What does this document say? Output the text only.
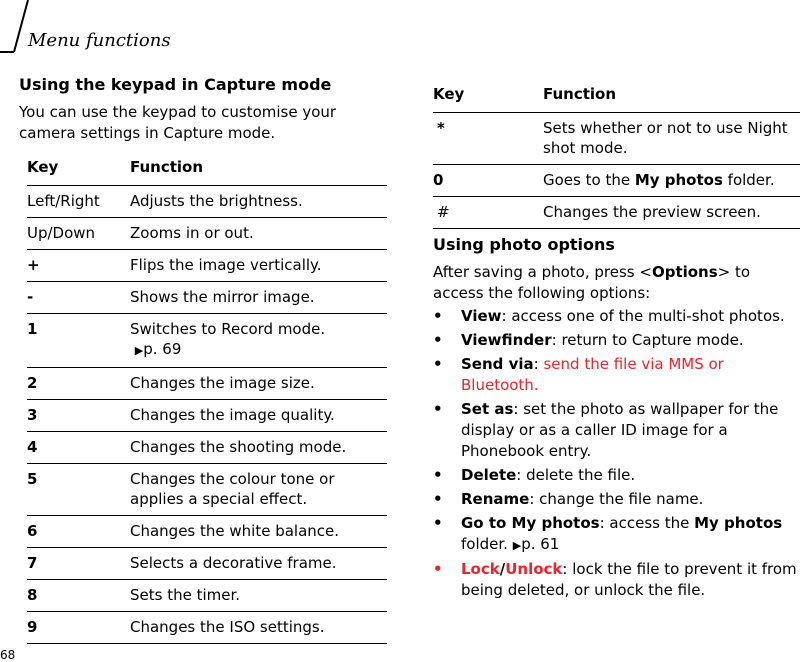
Menu functions
Using the keypad in Capture mode
You can use the keypad to customise your camera settings in Capture mode.
Key	Function
Left/Right	Adjusts the brightness.
Up/Down	Zooms in or out.
+	Flips the image vertically.
-	Shows the mirror image.
1	Switches to Record mode.
▶p. 69
2	Changes the image size.
3	Changes the image quality.
4	Changes the shooting mode.
5	Changes the colour tone or applies a special effect.
6	Changes the white balance.
7	Selects a decorative frame.
8	Sets the timer.
9	Changes the ISO settings.
Key	Function
*	Sets whether or not to use Night shot mode.
0	Goes to the My photos folder.
#	Changes the preview screen.
Using photo options
After saving a photo, press <Options> to access the following options:
• View: access one of the multi-shot photos.
• Viewfinder: return to Capture mode.
• Send via: send the file via MMS or Bluetooth.
• Set as: set the photo as wallpaper for the display or as a caller ID image for a Phonebook entry.
• Delete: delete the file.
• Rename: change the file name.
• Go to My photos: access the My photos folder. ▶p. 61
• Lock/Unlock: lock the file to prevent it from being deleted, or unlock the file.
68
